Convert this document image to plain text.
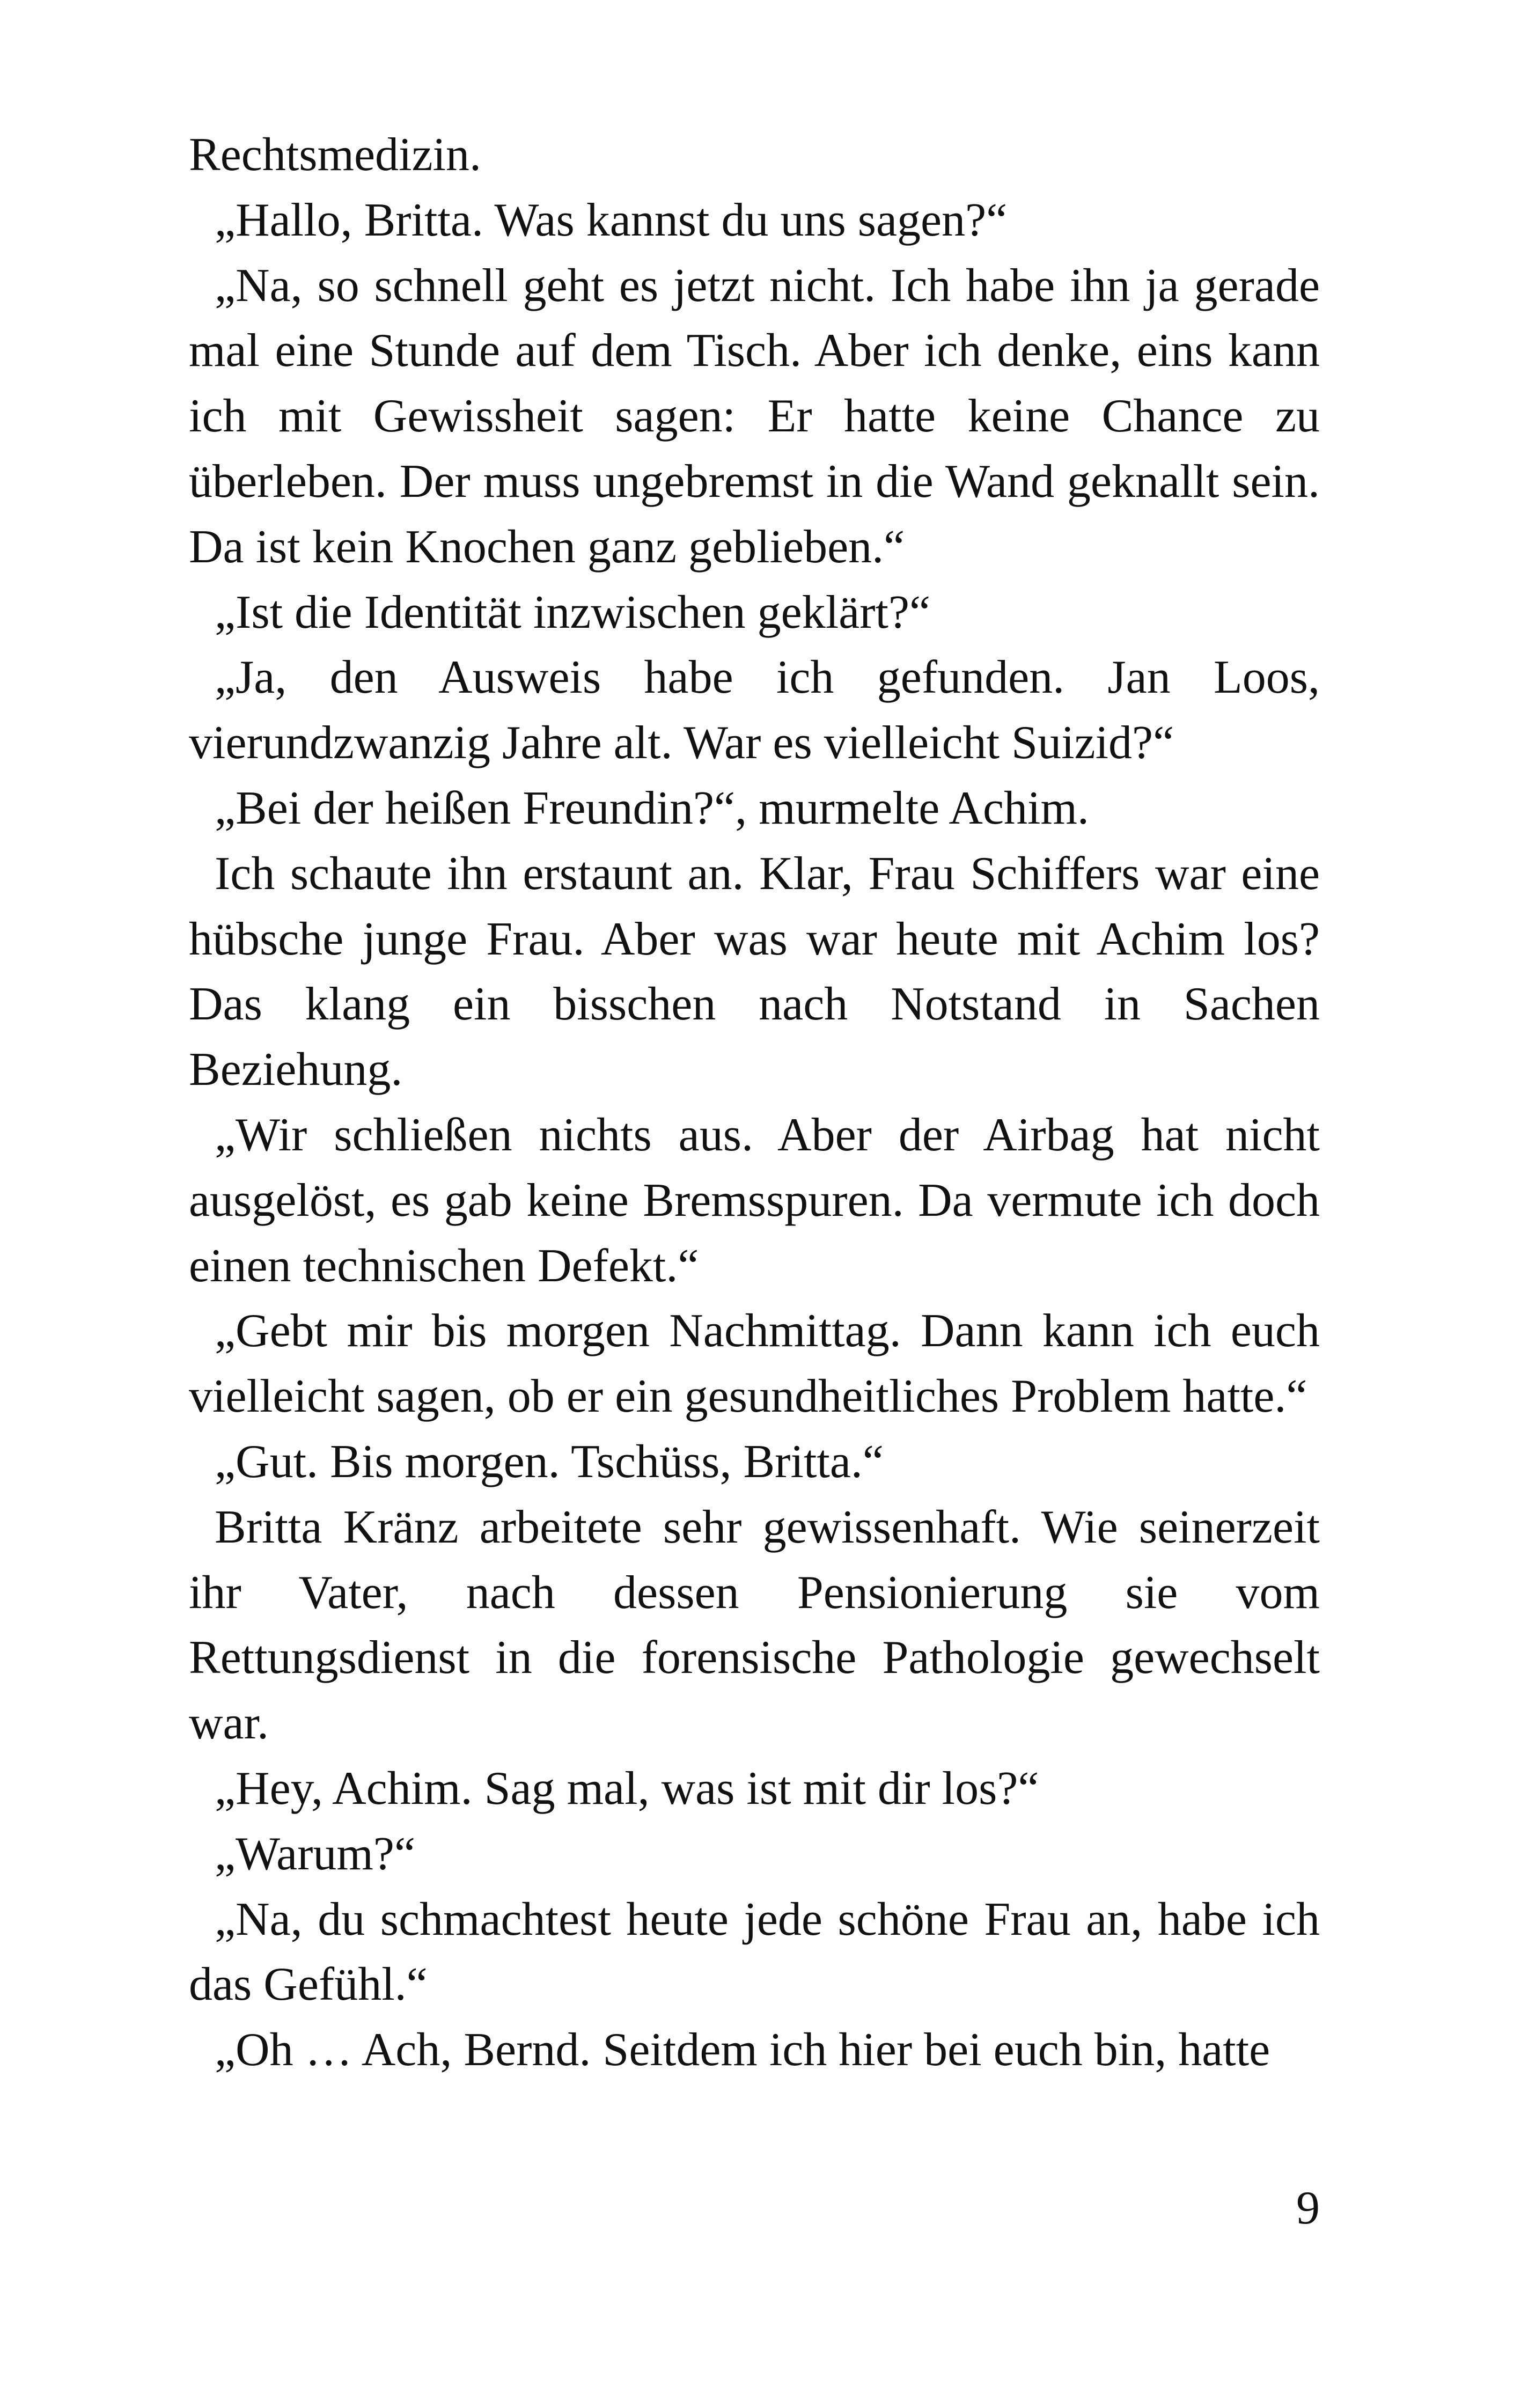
Rechtsmedizin.

„Hallo, Britta. Was kannst du uns sagen?“

„Na, so schnell geht es jetzt nicht. Ich habe ihn ja gerade mal eine Stunde auf dem Tisch. Aber ich denke, eins kann ich mit Gewissheit sagen: Er hatte keine Chance zu überleben. Der muss ungebremst in die Wand geknallt sein. Da ist kein Knochen ganz geblieben.“

„Ist die Identität inzwischen geklärt?“

„Ja, den Ausweis habe ich gefunden. Jan Loos, vierundzwanzig Jahre alt. War es vielleicht Suizid?“

„Bei der heißen Freundin?“, murmelte Achim.

Ich schaute ihn erstaunt an. Klar, Frau Schiffers war eine hübsche junge Frau. Aber was war heute mit Achim los? Das klang ein bisschen nach Notstand in Sachen Beziehung.

„Wir schließen nichts aus. Aber der Airbag hat nicht ausgelöst, es gab keine Bremsspuren. Da vermute ich doch einen technischen Defekt.“

„Gebt mir bis morgen Nachmittag. Dann kann ich euch vielleicht sagen, ob er ein gesundheitliches Problem hatte.“

„Gut. Bis morgen. Tschüss, Britta.“

Britta Kränz arbeitete sehr gewissenhaft. Wie seinerzeit ihr Vater, nach dessen Pensionierung sie vom Rettungsdienst in die forensische Pathologie gewechselt war.

„Hey, Achim. Sag mal, was ist mit dir los?“

„Warum?“

„Na, du schmachtest heute jede schöne Frau an, habe ich das Gefühl.“

„Oh … Ach, Bernd. Seitdem ich hier bei euch bin, hatte

9
